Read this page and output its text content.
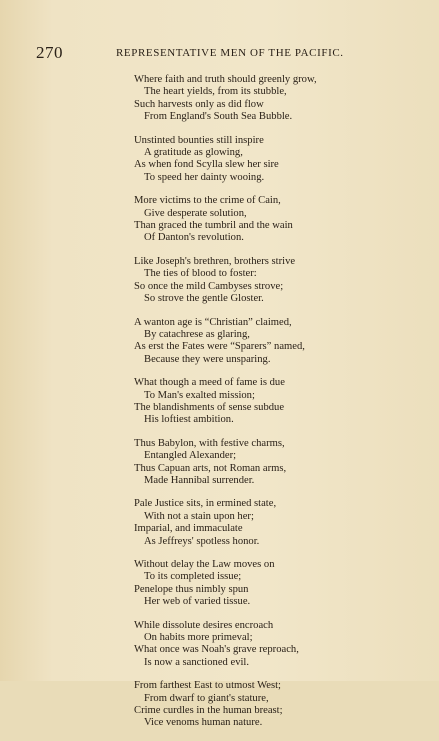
270	REPRESENTATIVE MEN OF THE PACIFIC.
Where faith and truth should greenly grow,
The heart yields, from its stubble,
Such harvests only as did flow
From England's South Sea Bubble.
Unstinted bounties still inspire
A gratitude as glowing,
As when fond Scylla slew her sire
To speed her dainty wooing.
More victims to the crime of Cain,
Give desperate solution,
Than graced the tumbril and the wain
Of Danton's revolution.
Like Joseph's brethren, brothers strive
The ties of blood to foster:
So once the mild Cambyses strove;
So strove the gentle Gloster.
A wanton age is “Christian” claimed,
By catachrese as glaring,
As erst the Fates were “Sparers” named,
Because they were unsparing.
What though a meed of fame is due
To Man's exalted mission;
The blandishments of sense subdue
His loftiest ambition.
Thus Babylon, with festive charms,
Entangled Alexander;
Thus Capuan arts, not Roman arms,
Made Hannibal surrender.
Pale Justice sits, in ermined state,
With not a stain upon her;
Imparial, and immaculate
As Jeffreys' spotless honor.
Without delay the Law moves on
To its completed issue;
Penelope thus nimbly spun
Her web of varied tissue.
While dissolute desires encroach
On habits more primeval;
What once was Noah's grave reproach,
Is now a sanctioned evil.
From farthest East to utmost West;
From dwarf to giant's stature,
Crime curdles in the human breast;
Vice venoms human nature.
